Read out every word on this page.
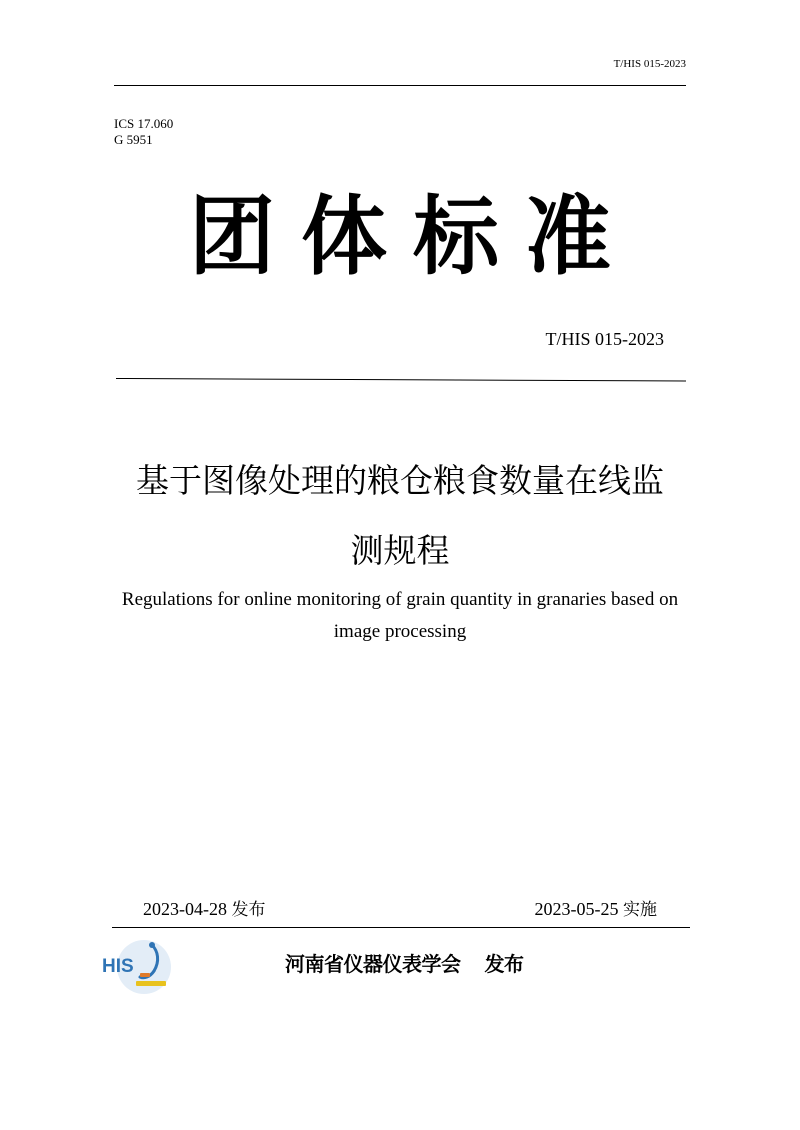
T/HIS 015-2023
ICS 17.060
G 5951
团体标准
T/HIS 015-2023
基于图像处理的粮仓粮食数量在线监
测规程
Regulations for online monitoring of grain quantity in granaries based on
image processing
2023-04-28 发布	2023-05-25 实施
HIS	河南省仪器仪表学会 发布
